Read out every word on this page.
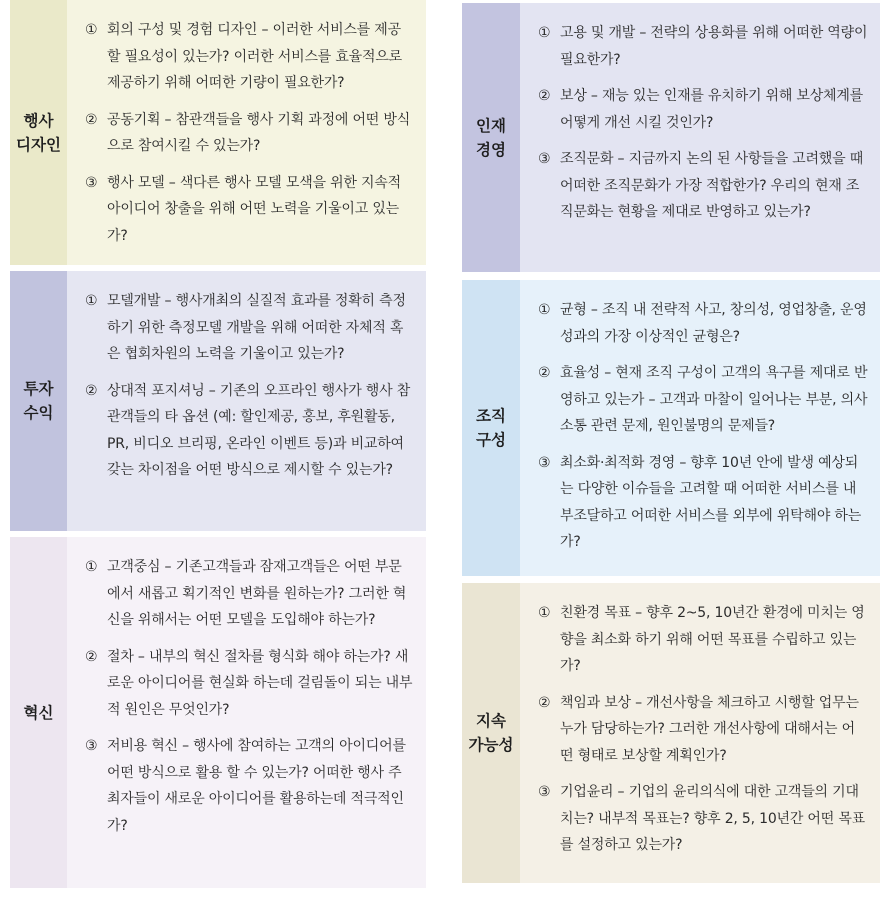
행사
디자인
① 회의 구성 및 경험 디자인 – 이러한 서비스를 제공할 필요성이 있는가? 이러한 서비스를 효율적으로 제공하기 위해 어떠한 기량이 필요한가?
② 공동기획 – 참관객들을 행사 기획 과정에 어떤 방식으로 참여시킬 수 있는가?
③ 행사 모델 – 색다른 행사 모델 모색을 위한 지속적 아이디어 창출을 위해 어떤 노력을 기울이고 있는가?
투자
수익
① 모델개발 – 행사개최의 실질적 효과를 정확히 측정하기 위한 측정모델 개발을 위해 어떠한 자체적 혹은 협회차원의 노력을 기울이고 있는가?
② 상대적 포지셔닝 – 기존의 오프라인 행사가 행사 참관객들의 타 옵션 (예: 할인제공, 홍보, 후원활동, PR, 비디오 브리핑, 온라인 이벤트 등)과 비교하여 갖는 차이점을 어떤 방식으로 제시할 수 있는가?
혁신
① 고객중심 – 기존고객들과 잠재고객들은 어떤 부문에서 새롭고 획기적인 변화를 원하는가? 그러한 혁신을 위해서는 어떤 모델을 도입해야 하는가?
② 절차 – 내부의 혁신 절차를 형식화 해야 하는가? 새로운 아이디어를 현실화 하는데 걸림돌이 되는 내부적 원인은 무엇인가?
③ 저비용 혁신 – 행사에 참여하는 고객의 아이디어를 어떤 방식으로 활용 할 수 있는가? 어떠한 행사 주최자들이 새로운 아이디어를 활용하는데 적극적인가?
인재
경영
① 고용 및 개발 – 전략의 상용화를 위해 어떠한 역량이 필요한가?
② 보상 – 재능 있는 인재를 유치하기 위해 보상체계를 어떻게 개선 시킬 것인가?
③ 조직문화 – 지금까지 논의 된 사항들을 고려했을 때 어떠한 조직문화가 가장 적합한가? 우리의 현재 조직문화는 현황을 제대로 반영하고 있는가?
조직
구성
① 균형 – 조직 내 전략적 사고, 창의성, 영업창출, 운영성과의 가장 이상적인 균형은?
② 효율성 – 현재 조직 구성이 고객의 욕구를 제대로 반영하고 있는가 – 고객과 마찰이 일어나는 부분, 의사소통 관련 문제, 원인불명의 문제들?
③ 최소화·최적화 경영 – 향후 10년 안에 발생 예상되는 다양한 이슈들을 고려할 때 어떠한 서비스를 내부조달하고 어떠한 서비스를 외부에 위탁해야 하는가?
지속
가능성
① 친환경 목표 – 향후 2~5, 10년간 환경에 미치는 영향을 최소화 하기 위해 어떤 목표를 수립하고 있는가?
② 책임과 보상 – 개선사항을 체크하고 시행할 업무는 누가 담당하는가? 그러한 개선사항에 대해서는 어떤 형태로 보상할 계획인가?
③ 기업윤리 – 기업의 윤리의식에 대한 고객들의 기대치는? 내부적 목표는? 향후 2, 5, 10년간 어떤 목표를 설정하고 있는가?
